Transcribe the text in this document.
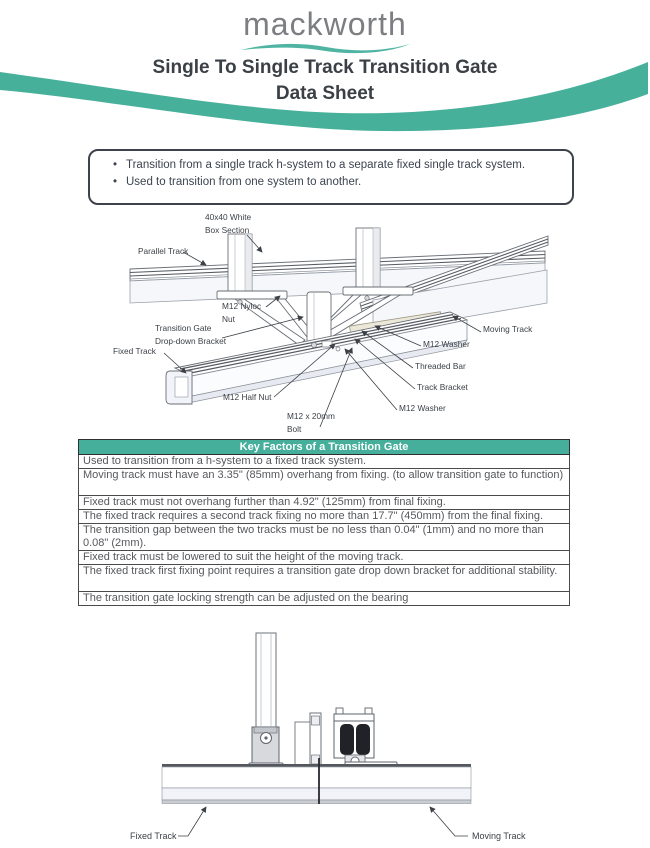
mackworth
Single To Single Track Transition Gate
Data Sheet
• Transition from a single track h-system to a separate fixed single track system.
• Used to transition from one system to another.
40x40 White
Box Section
Parallel Track
M12 Nyloc
Nut
Transition Gate
Drop-down Bracket
Fixed Track
M12 Half Nut
M12 x 20mm
Bolt
Moving Track
M12 Washer
Threaded Bar
Track Bracket
M12 Washer
Key Factors of a Transition Gate
Used to transition from a h-system to a fixed track system.
Moving track must have an 3.35" (85mm) overhang from fixing. (to allow transition gate to function)
Fixed track must not overhang further than 4.92" (125mm) from final fixing.
The fixed track requires a second track fixing no more than 17.7" (450mm) from the final fixing.
The transition gap between the two tracks must be no less than 0.04" (1mm) and no more than 0.08" (2mm).
Fixed track must be lowered to suit the height of the moving track.
The fixed track first fixing point requires a transition gate drop down bracket for additional stability.
The transition gate locking strength can be adjusted on the bearing
Fixed Track	Moving Track
